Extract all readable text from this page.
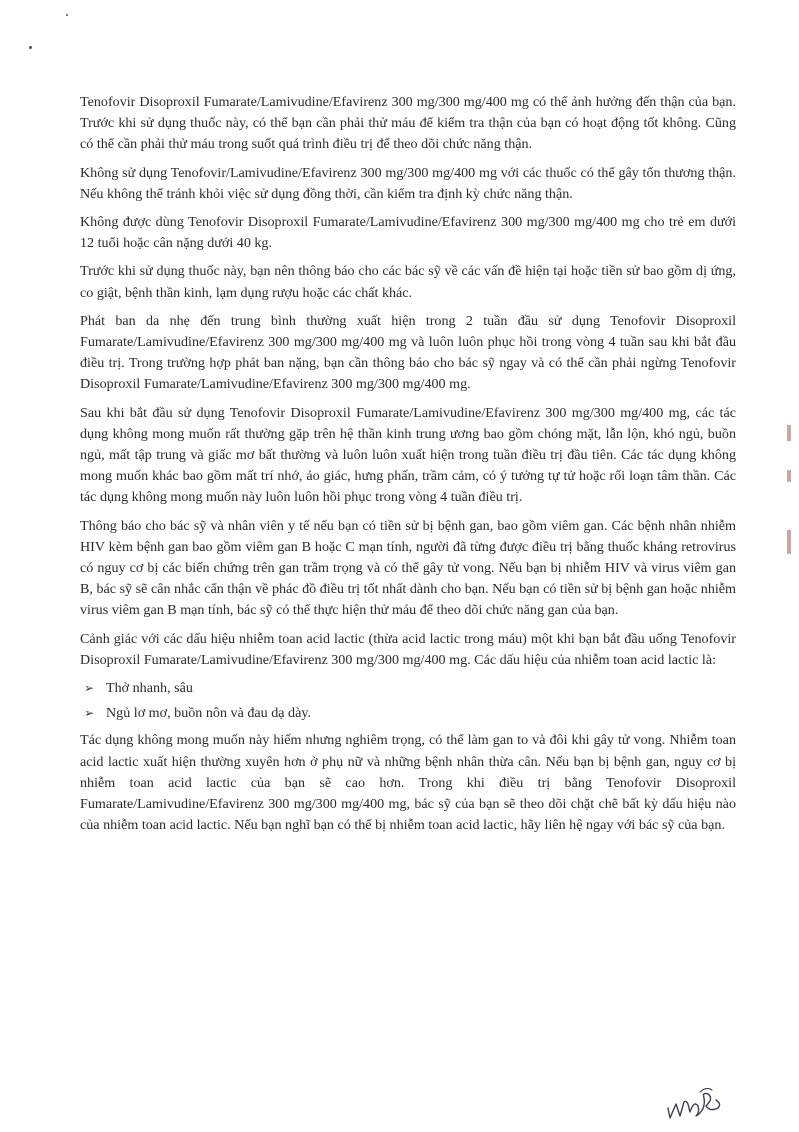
Tenofovir Disoproxil Fumarate/Lamivudine/Efavirenz 300 mg/300 mg/400 mg có thể ảnh hưởng đến thận của bạn. Trước khi sử dụng thuốc này, có thể bạn cần phải thử máu để kiểm tra thận của bạn có hoạt động tốt không. Cũng có thể cần phải thử máu trong suốt quá trình điều trị để theo dõi chức năng thận.

Không sử dụng Tenofovir/Lamivudine/Efavirenz 300 mg/300 mg/400 mg với các thuốc có thể gây tổn thương thận. Nếu không thể tránh khỏi việc sử dụng đồng thời, cần kiểm tra định kỳ chức năng thận.

Không được dùng Tenofovir Disoproxil Fumarate/Lamivudine/Efavirenz 300 mg/300 mg/400 mg cho trẻ em dưới 12 tuổi hoặc cân nặng dưới 40 kg.

Trước khi sử dụng thuốc này, bạn nên thông báo cho các bác sỹ về các vấn đề hiện tại hoặc tiền sử bao gồm dị ứng, co giật, bệnh thần kinh, lạm dụng rượu hoặc các chất khác.

Phát ban da nhẹ đến trung bình thường xuất hiện trong 2 tuần đầu sử dụng Tenofovir Disoproxil Fumarate/Lamivudine/Efavirenz 300 mg/300 mg/400 mg và luôn luôn phục hồi trong vòng 4 tuần sau khi bắt đầu điều trị. Trong trường hợp phát ban nặng, bạn cần thông báo cho bác sỹ ngay và có thể cần phải ngừng Tenofovir Disoproxil Fumarate/Lamivudine/Efavirenz 300 mg/300 mg/400 mg.

Sau khi bắt đầu sử dụng Tenofovir Disoproxil Fumarate/Lamivudine/Efavirenz 300 mg/300 mg/400 mg, các tác dụng không mong muốn rất thường gặp trên hệ thần kinh trung ương bao gồm chóng mặt, lẫn lộn, khó ngủ, buồn ngủ, mất tập trung và giấc mơ bất thường và luôn luôn xuất hiện trong tuần điều trị đầu tiên. Các tác dụng không mong muốn khác bao gồm mất trí nhớ, ảo giác, hưng phấn, trầm cảm, có ý tưởng tự tử hoặc rối loạn tâm thần. Các tác dụng không mong muốn này luôn luôn hồi phục trong vòng 4 tuần điều trị.

Thông báo cho bác sỹ và nhân viên y tế nếu bạn có tiền sử bị bệnh gan, bao gồm viêm gan. Các bệnh nhân nhiễm HIV kèm bệnh gan bao gồm viêm gan B hoặc C mạn tính, người đã từng được điều trị bằng thuốc kháng retrovirus có nguy cơ bị các biến chứng trên gan trầm trọng và có thể gây tử vong. Nếu bạn bị nhiễm HIV và virus viêm gan B, bác sỹ sẽ cân nhắc cẩn thận về phác đồ điều trị tốt nhất dành cho bạn. Nếu bạn có tiền sử bị bệnh gan hoặc nhiễm virus viêm gan B mạn tính, bác sỹ có thể thực hiện thử máu để theo dõi chức năng gan của bạn.

Cảnh giác với các dấu hiệu nhiễm toan acid lactic (thừa acid lactic trong máu) một khi bạn bắt đầu uống Tenofovir Disoproxil Fumarate/Lamivudine/Efavirenz 300 mg/300 mg/400 mg. Các dấu hiệu của nhiễm toan acid lactic là:

➢ Thở nhanh, sâu
➢ Ngủ lơ mơ, buồn nôn và đau dạ dày.

Tác dụng không mong muốn này hiếm nhưng nghiêm trọng, có thể làm gan to và đôi khi gây tử vong. Nhiễm toan acid lactic xuất hiện thường xuyên hơn ở phụ nữ và những bệnh nhân thừa cân. Nếu bạn bị bệnh gan, nguy cơ bị nhiễm toan acid lactic của bạn sẽ cao hơn. Trong khi điều trị bằng Tenofovir Disoproxil Fumarate/Lamivudine/Efavirenz 300 mg/300 mg/400 mg, bác sỹ của bạn sẽ theo dõi chặt chẽ bất kỳ dấu hiệu nào của nhiễm toan acid lactic. Nếu bạn nghĩ bạn có thể bị nhiễm toan acid lactic, hãy liên hệ ngay với bác sỹ của bạn.
